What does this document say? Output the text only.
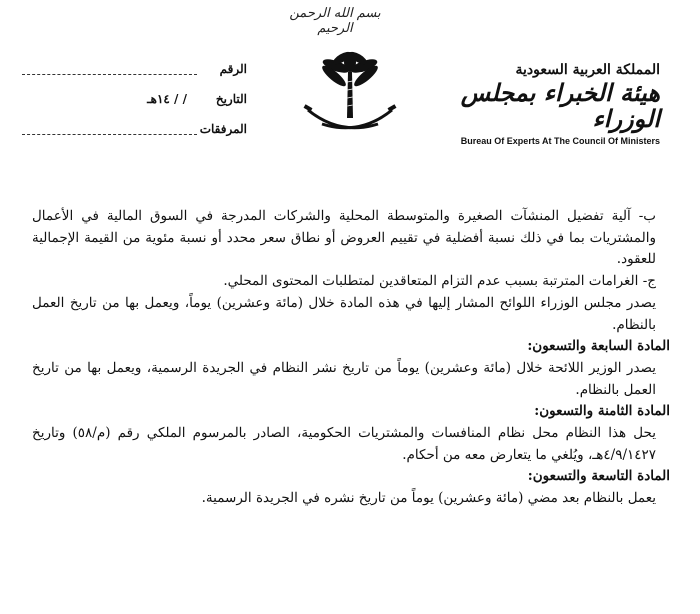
بسم الله الرحمن الرحيم
الرقم
التاريخ
/ / ١٤هـ
المرفقات
المملكة العربية السعودية
هيئة الخبراء بمجلس الوزراء
Bureau Of Experts At The Council Of Ministers

ب- آلية تفضيل المنشآت الصغيرة والمتوسطة المحلية والشركات المدرجة في السوق المالية في الأعمال والمشتريات بما في ذلك نسبة أفضلية في تقييم العروض أو نطاق سعر محدد أو نسبة مئوية من القيمة الإجمالية للعقود.

ج- الغرامات المترتبة بسبب عدم التزام المتعاقدين لمتطلبات المحتوى المحلي.

يصدر مجلس الوزراء اللوائح المشار إليها في هذه المادة خلال (مائة وعشرين) يوماً، ويعمل بها من تاريخ العمل بالنظام.

المادة السابعة والتسعون:

يصدر الوزير اللائحة خلال (مائة وعشرين) يوماً من تاريخ نشر النظام في الجريدة الرسمية، ويعمل بها من تاريخ العمل بالنظام.

المادة الثامنة والتسعون:

يحل هذا النظام محل نظام المنافسات والمشتريات الحكومية، الصادر بالمرسوم الملكي رقم (م/٥٨) وتاريخ ٤/٩/١٤٢٧هـ، ويُلغي ما يتعارض معه من أحكام.

المادة التاسعة والتسعون:

يعمل بالنظام بعد مضي (مائة وعشرين) يوماً من تاريخ نشره في الجريدة الرسمية.
